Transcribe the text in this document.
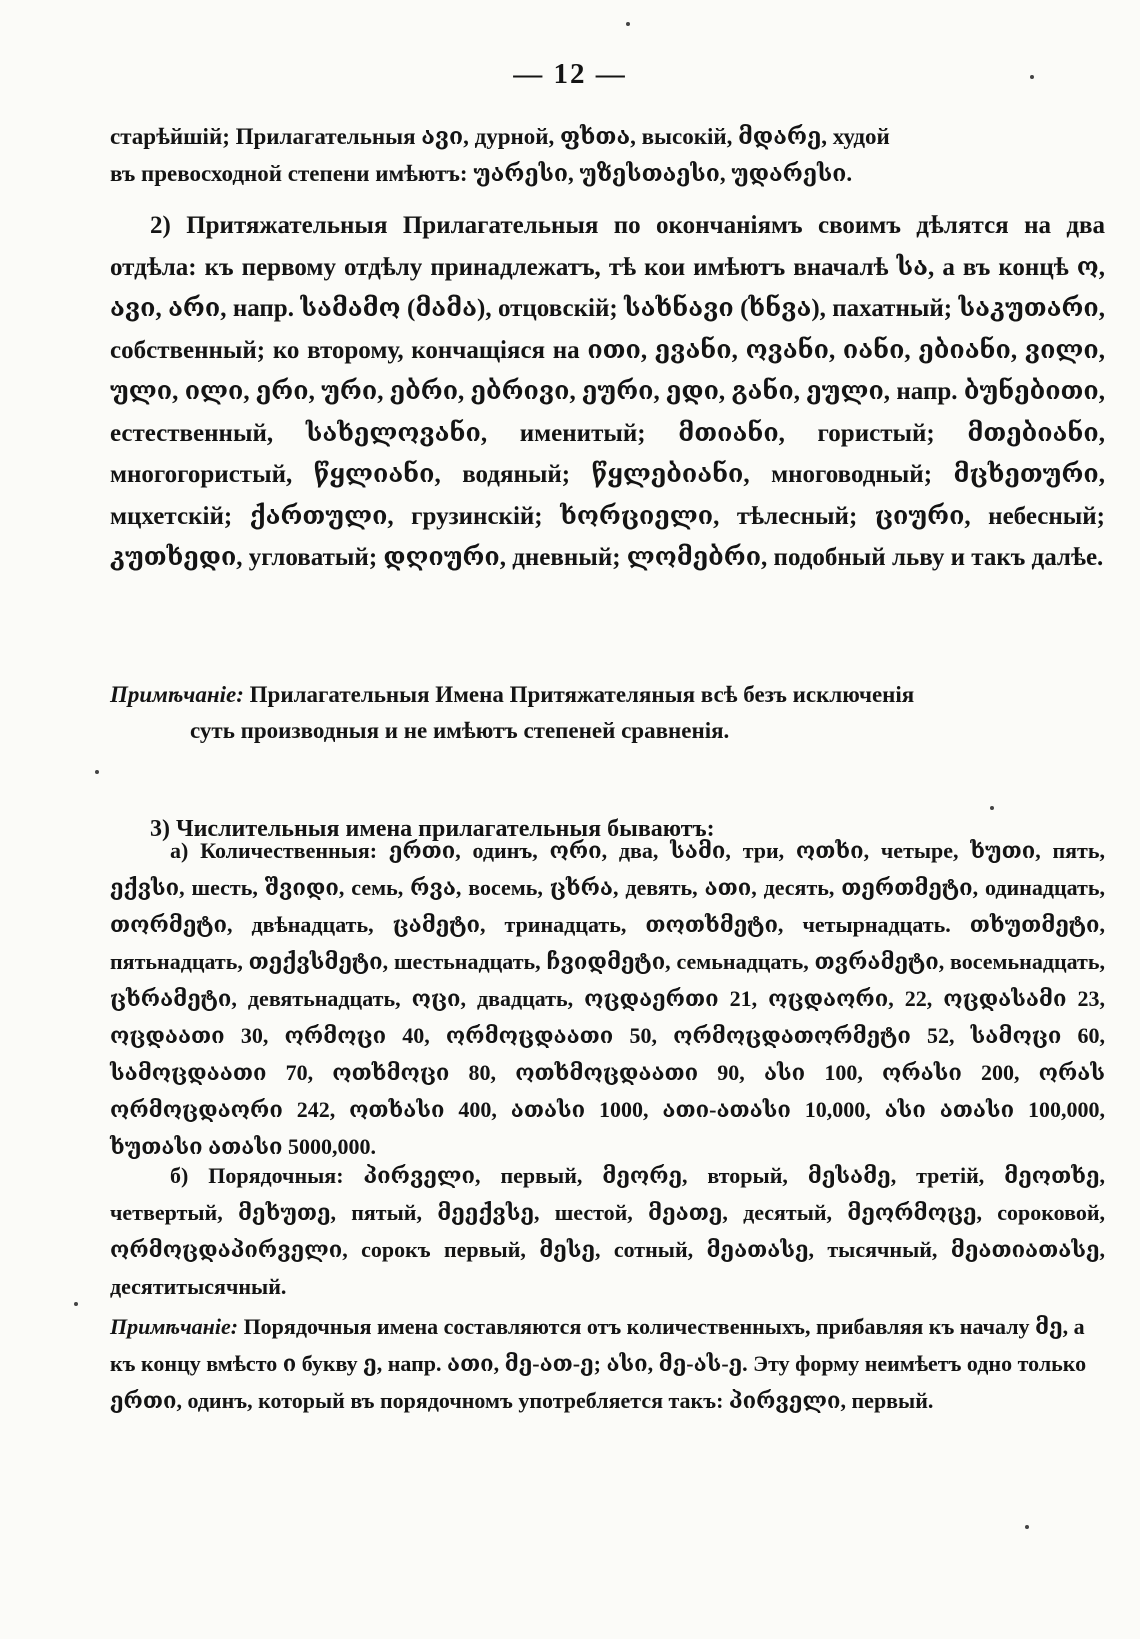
— 12 —

старѣйшій; Прилагательныя ავი, дурной, ფხთა, высокій, მდარე, худой

въ превосходной степени имѣютъ: უარესი, უზესთაესი, უდარესი.

2) Притяжательныя Прилагательныя по окончаніямъ своимъ дѣлятся на два отдѣла: къ первому отдѣлу принадлежатъ, тѣ кои имѣютъ вначалѣ სა, а въ концѣ ო, ავი, არი, напр. სამამო (მამა), отцовскій; სახნავი (ხნვა), пахатный; საკუთარი, собственный; ко второму, кончащіяся на ითი, ევანი, ოვანი, იანი, ებიანი, ვილი, ული, ილი, ერი, ური, ებრი, ებრივი, ეური, ედი, განი, ეული, напр. ბუნებითი, естественный, სახელოვანი, именитый; მთიანი, гористый; მთებიანი, многогористый, წყლიანი, водяный; წყლებიანი, многоводный; მცხეთური, мцхетскій; ქართული, грузинскій; ხორციელი, тѣлесный; ციური, небесный; კუთხედი, угловатый; დღიური, дневный; ლომებრი, подобный льву и такъ далѣе.

Примѣчаніе: Прилагательныя Имена Притяжателяныя всѣ безъ исключенія
суть производныя и не имѣютъ степеней сравненія.
3) Числительныя имена прилагательныя бываютъ:

а) Количественныя: ერთი, одинъ, ორი, два, სამი, три, ოთხი, четыре, ხუთი, пять, ექვსი, шесть, შვიდი, семь, რვა, восемь, ცხრა, девять, ათი, десять, თერთმეტი, одинадцать, თორმეტი, двѣнадцать, ცამეტი, тринадцать, თოთხმეტი, четырнадцать. თხუთმეტი, пятьнадцать, თექვსმეტი, шестьнадцать, ჩვიდმეტი, семьнадцать, თვრამეტი, восемьнадцать, ცხრამეტი, девятьнадцать, ოცი, двадцать, ოცდაერთი 21, ოცდაორი, 22, ოცდასამი 23, ოცდაათი 30, ორმოცი 40, ორმოცდაათი 50, ორმოცდათორმეტი 52, სამოცი 60, სამოცდაათი 70, ოთხმოცი 80, ოთხმოცდაათი 90, ასი 100, ორასი 200, ორას ორმოცდაორი 242, ოთხასი 400, ათასი 1000, ათი-ათასი 10,000, ასი ათასი 100,000, ხუთასი ათასი 5000,000.

б) Порядочныя: პირველი, первый, მეორე, вторый, მესამე, третій, მეოთხე, четвертый, მეხუთე, пятый, მეექვსე, шестой, მეათე, десятый, მეორმოცე, сороковой, ორმოცდაპირველი, сорокъ первый, მესე, сотный, მეათასე, тысячный, მეათიათასე, десятитысячный.

Примѣчаніе: Порядочныя имена составляются отъ количественныхъ, прибавляя къ началу მე, а къ концу вмѣсто ი букву ე, напр. ათი, მე-ათ-ე; ასი, მე-ას-ე. Эту форму неимѣетъ одно только ერთი, одинъ, который въ порядочномъ употребляется такъ: პირველი, первый.
